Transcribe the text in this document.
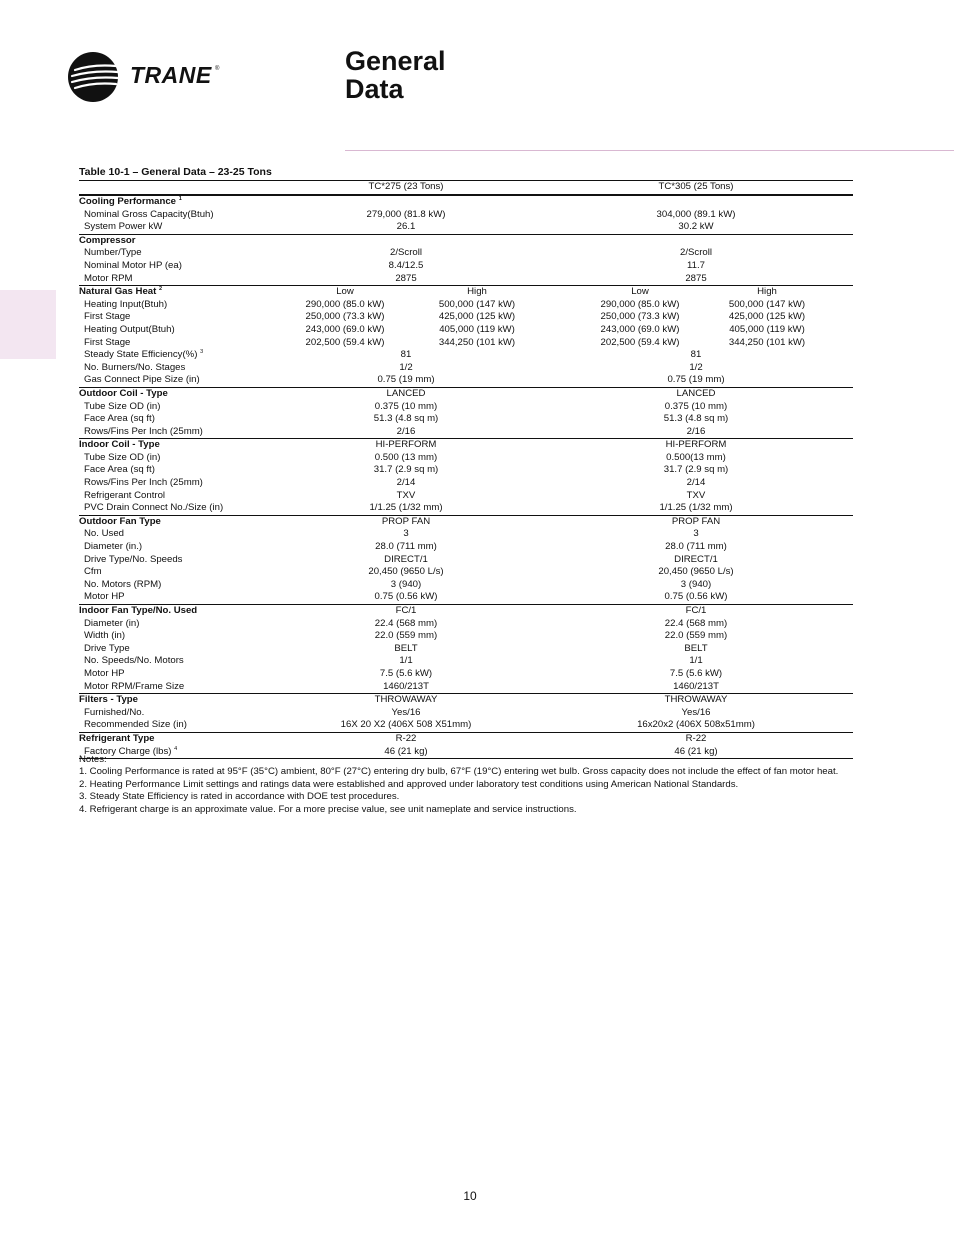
TRANE ®	General
Data
Table 10-1 – General Data – 23-25 Tons
TC*275 (23 Tons)	TC*305 (25 Tons)
Cooling Performance $^1$
Nominal Gross Capacity(Btuh)	279,000 (81.8 kW)	304,000 (89.1 kW)
System Power kW	26.1	30.2 kW
Compressor
Number/Type	2/Scroll	2/Scroll
Nominal Motor HP (ea)	8.4/12.5	11.7
Motor RPM	2875	2875
Natural Gas Heat $^2$	Low	High	Low	High
Heating Input(Btuh)	290,000 (85.0 kW)	500,000 (147 kW)	290,000 (85.0 kW)	500,000 (147 kW)
First Stage	250,000 (73.3 kW)	425,000 (125 kW)	250,000 (73.3 kW)	425,000 (125 kW)
Heating Output(Btuh)	243,000 (69.0 kW)	405,000 (119 kW)	243,000 (69.0 kW)	405,000 (119 kW)
First Stage	202,500 (59.4 kW)	344,250 (101 kW)	202,500 (59.4 kW)	344,250 (101 kW)
Steady State Efficiency(%) $^3$	81	81
No. Burners/No. Stages	1/2	1/2
Gas Connect Pipe Size (in)	0.75 (19 mm)	0.75 (19 mm)
Outdoor Coil - Type	LANCED	LANCED
Tube Size OD (in)	0.375 (10 mm)	0.375 (10 mm)
Face Area (sq ft)	51.3 (4.8 sq m)	51.3 (4.8 sq m)
Rows/Fins Per Inch (25mm)	2/16	2/16
Indoor Coil - Type	HI-PERFORM	HI-PERFORM
Tube Size OD (in)	0.500 (13 mm)	0.500(13 mm)
Face Area (sq ft)	31.7 (2.9 sq m)	31.7 (2.9 sq m)
Rows/Fins Per Inch (25mm)	2/14	2/14
Refrigerant Control	TXV	TXV
PVC Drain Connect No./Size (in)	1/1.25 (1/32 mm)	1/1.25 (1/32 mm)
Outdoor Fan Type	PROP FAN	PROP FAN
No. Used	3	3
Diameter (in.)	28.0 (711 mm)	28.0 (711 mm)
Drive Type/No. Speeds	DIRECT/1	DIRECT/1
Cfm	20,450 (9650 L/s)	20,450 (9650 L/s)
No. Motors (RPM)	3 (940)	3 (940)
Motor HP	0.75 (0.56 kW)	0.75 (0.56 kW)
Indoor Fan Type/No. Used	FC/1	FC/1
Diameter (in)	22.4 (568 mm)	22.4 (568 mm)
Width (in)	22.0 (559 mm)	22.0 (559 mm)
Drive Type	BELT	BELT
No. Speeds/No. Motors	1/1	1/1
Motor HP	7.5 (5.6 kW)	7.5 (5.6 kW)
Motor RPM/Frame Size	1460/213T	1460/213T
Filters - Type	THROWAWAY	THROWAWAY
Furnished/No.	Yes/16	Yes/16
Recommended Size (in)	16X 20 X2 (406X 508 X51mm)	16x20x2 (406X 508x51mm)
Refrigerant Type	R-22	R-22
Factory Charge (lbs) $^4$	46 (21 kg)	46 (21 kg)
Notes:
1. Cooling Performance is rated at 95°F (35°C) ambient, 80°F (27°C) entering dry bulb, 67°F (19°C) entering wet bulb. Gross capacity does not include the effect of fan motor heat.
2. Heating Performance Limit settings and ratings data were established and approved under laboratory test conditions using American National Standards.
3. Steady State Efficiency is rated in accordance with DOE test procedures.
4. Refrigerant charge is an approximate value. For a more precise value, see unit nameplate and service instructions.
10
